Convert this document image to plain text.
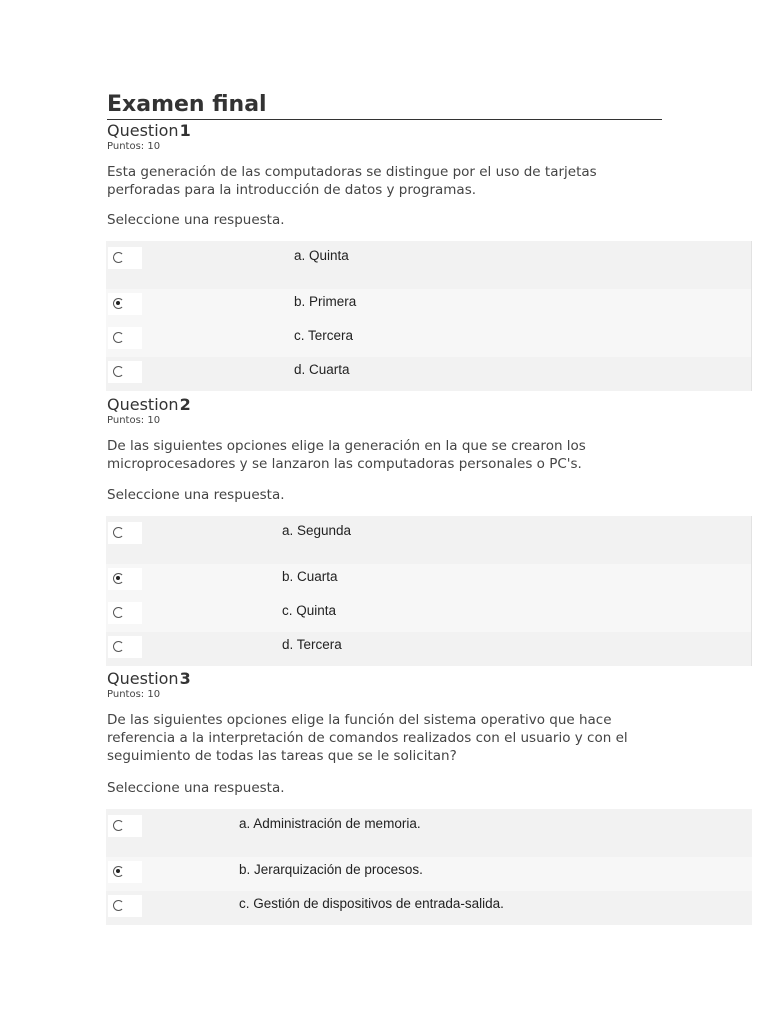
Examen final
Question1
Puntos: 10
Esta generación de las computadoras se distingue por el uso de tarjetas perforadas para la introducción de datos y programas.
Seleccione una respuesta.
a. Quinta
b. Primera
c. Tercera
d. Cuarta
Question2
Puntos: 10
De las siguientes opciones elige la generación en la que se crearon los microprocesadores y se lanzaron las computadoras personales o PC's.
Seleccione una respuesta.
a. Segunda
b. Cuarta
c. Quinta
d. Tercera
Question3
Puntos: 10
De las siguientes opciones elige la función del sistema operativo que hace referencia a la interpretación de comandos realizados con el usuario y con el seguimiento de todas las tareas que se le solicitan?
Seleccione una respuesta.
a. Administración de memoria.
b. Jerarquización de procesos.
c. Gestión de dispositivos de entrada-salida.
